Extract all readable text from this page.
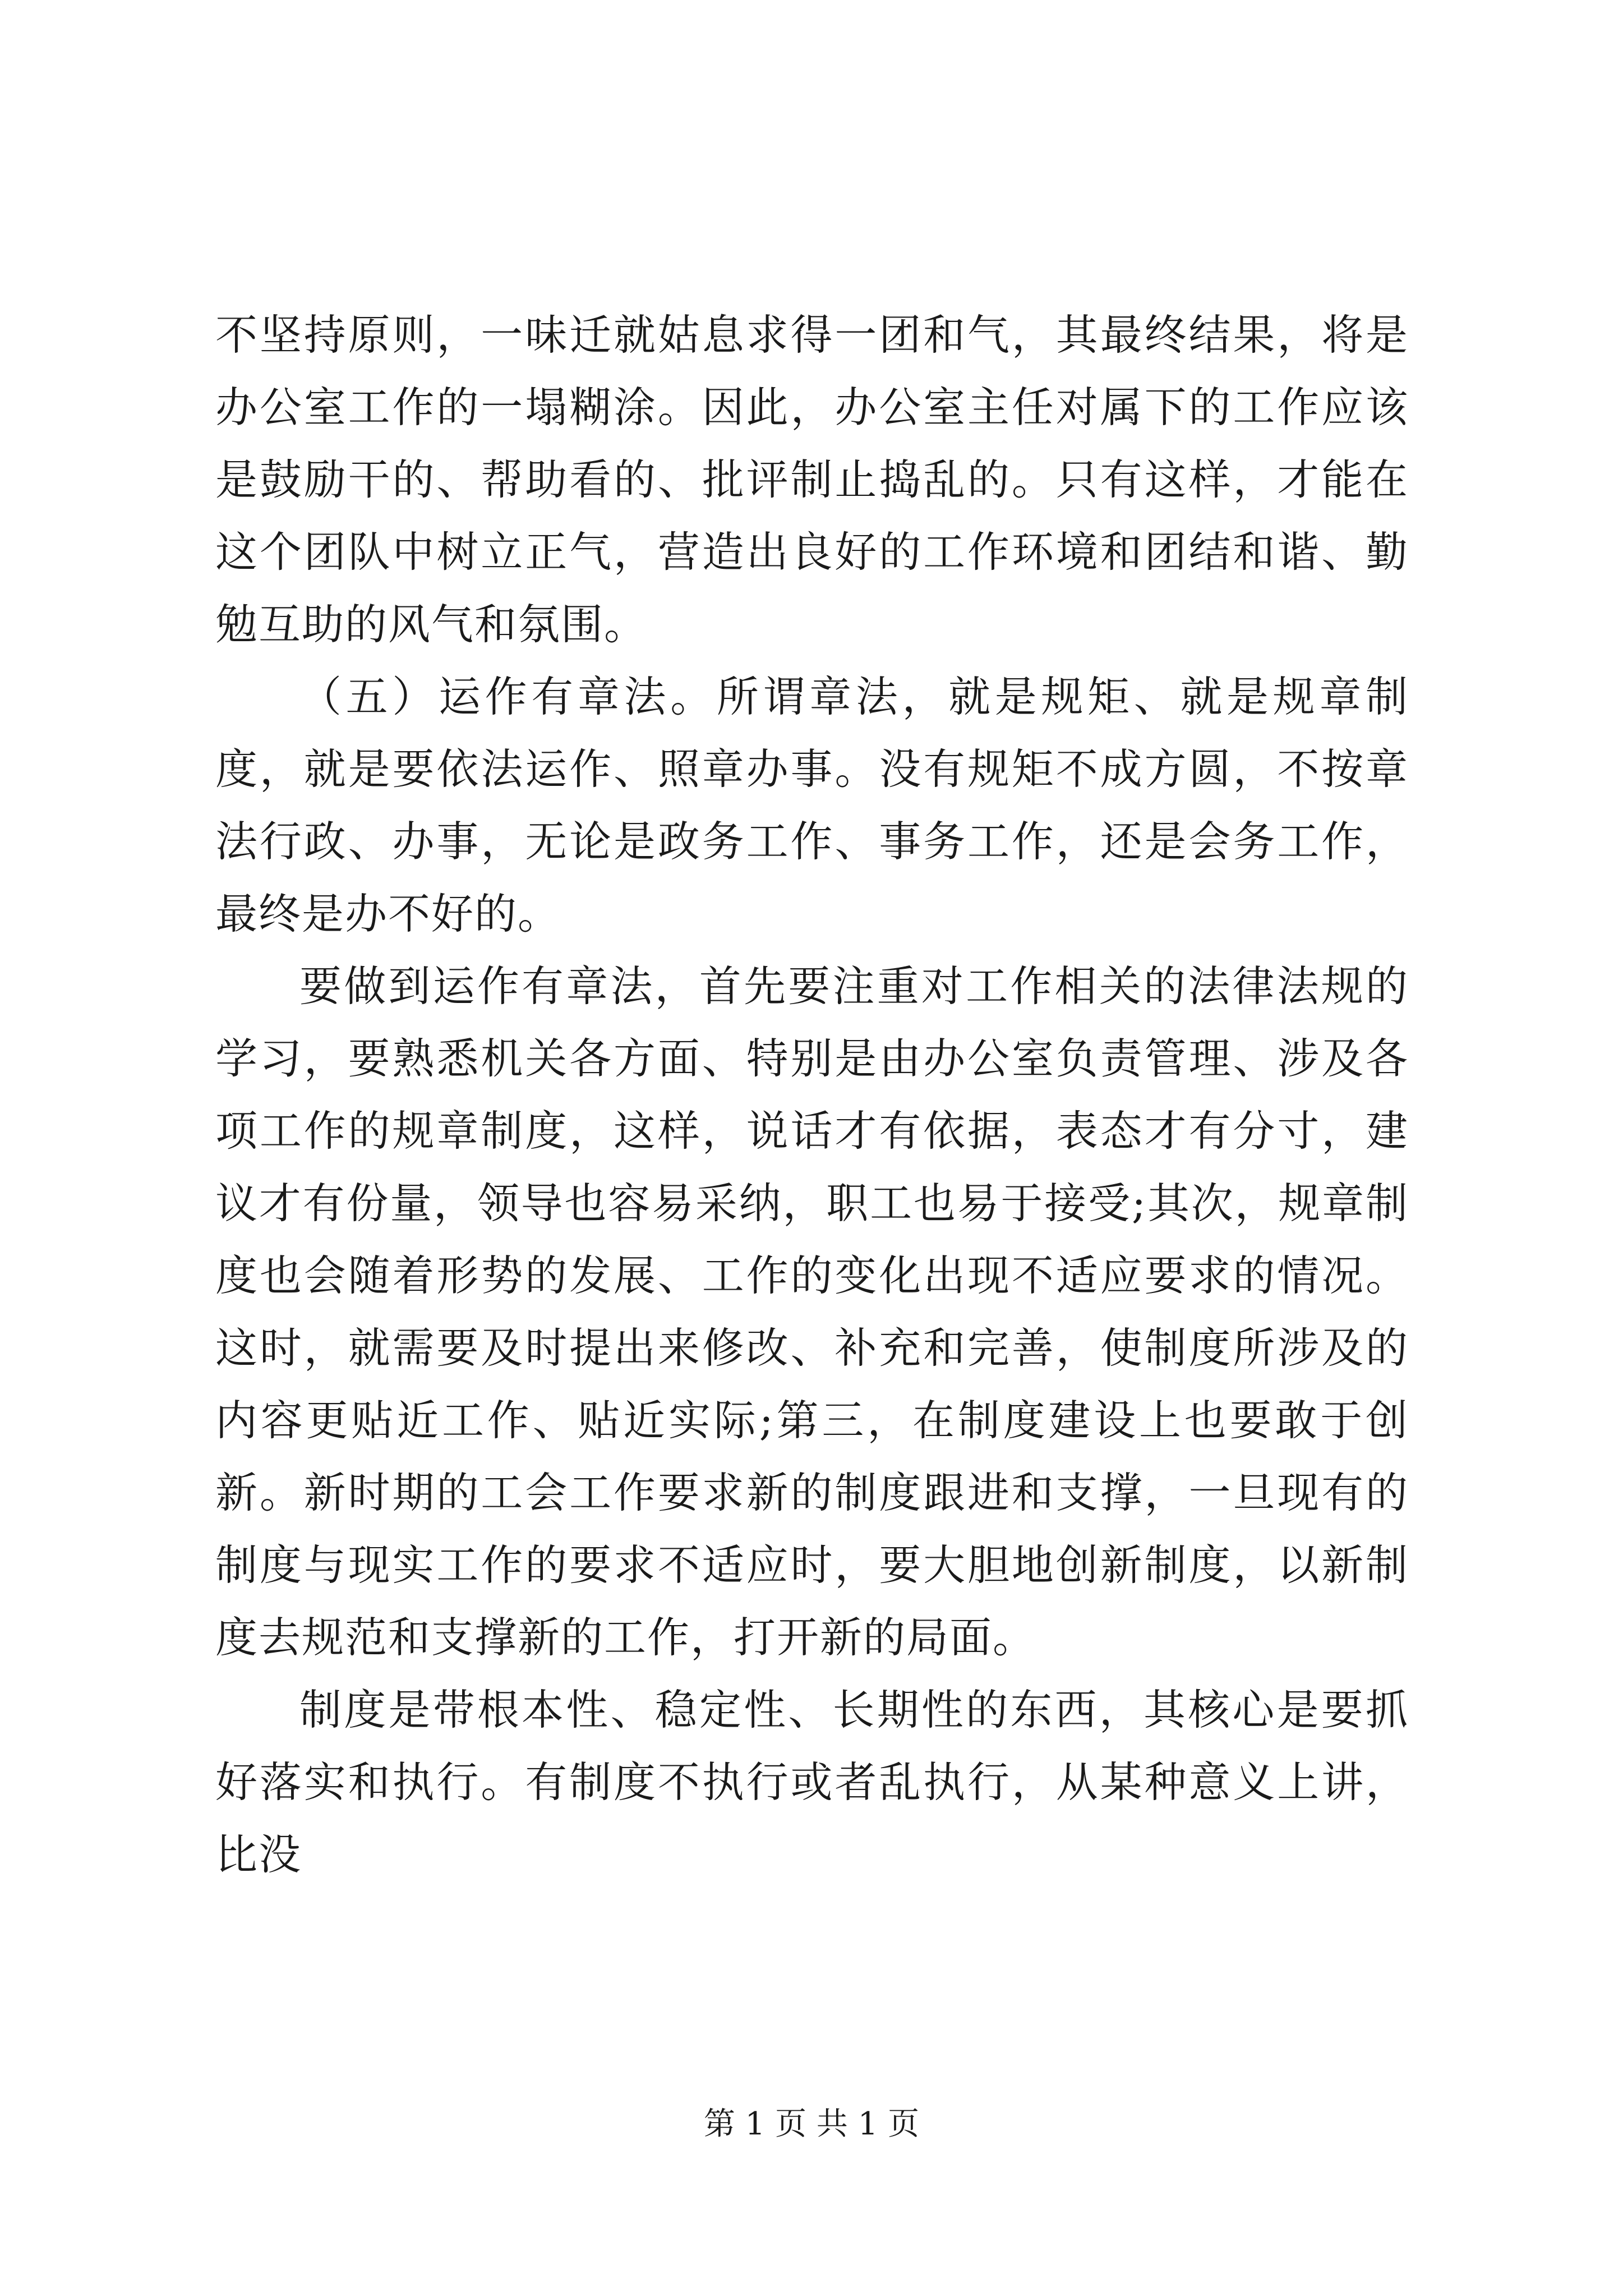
不坚持原则，一味迁就姑息求得一团和气，其最终结果，将是办公室工作的一塌糊涂。因此，办公室主任对属下的工作应该是鼓励干的、帮助看的、批评制止捣乱的。只有这样，才能在这个团队中树立正气，营造出良好的工作环境和团结和谐、勤勉互助的风气和氛围。

（五）运作有章法。所谓章法，就是规矩、就是规章制度，就是要依法运作、照章办事。没有规矩不成方圆，不按章法行政、办事，无论是政务工作、事务工作，还是会务工作，最终是办不好的。

要做到运作有章法，首先要注重对工作相关的法律法规的学习，要熟悉机关各方面、特别是由办公室负责管理、涉及各项工作的规章制度，这样，说话才有依据，表态才有分寸，建议才有份量，领导也容易采纳，职工也易于接受;其次，规章制度也会随着形势的发展、工作的变化出现不适应要求的情况。这时，就需要及时提出来修改、补充和完善，使制度所涉及的内容更贴近工作、贴近实际;第三，在制度建设上也要敢于创新。新时期的工会工作要求新的制度跟进和支撑，一旦现有的制度与现实工作的要求不适应时，要大胆地创新制度，以新制度去规范和支撑新的工作，打开新的局面。

制度是带根本性、稳定性、长期性的东西，其核心是要抓好落实和执行。有制度不执行或者乱执行，从某种意义上讲，比没

第 1 页 共 1 页
